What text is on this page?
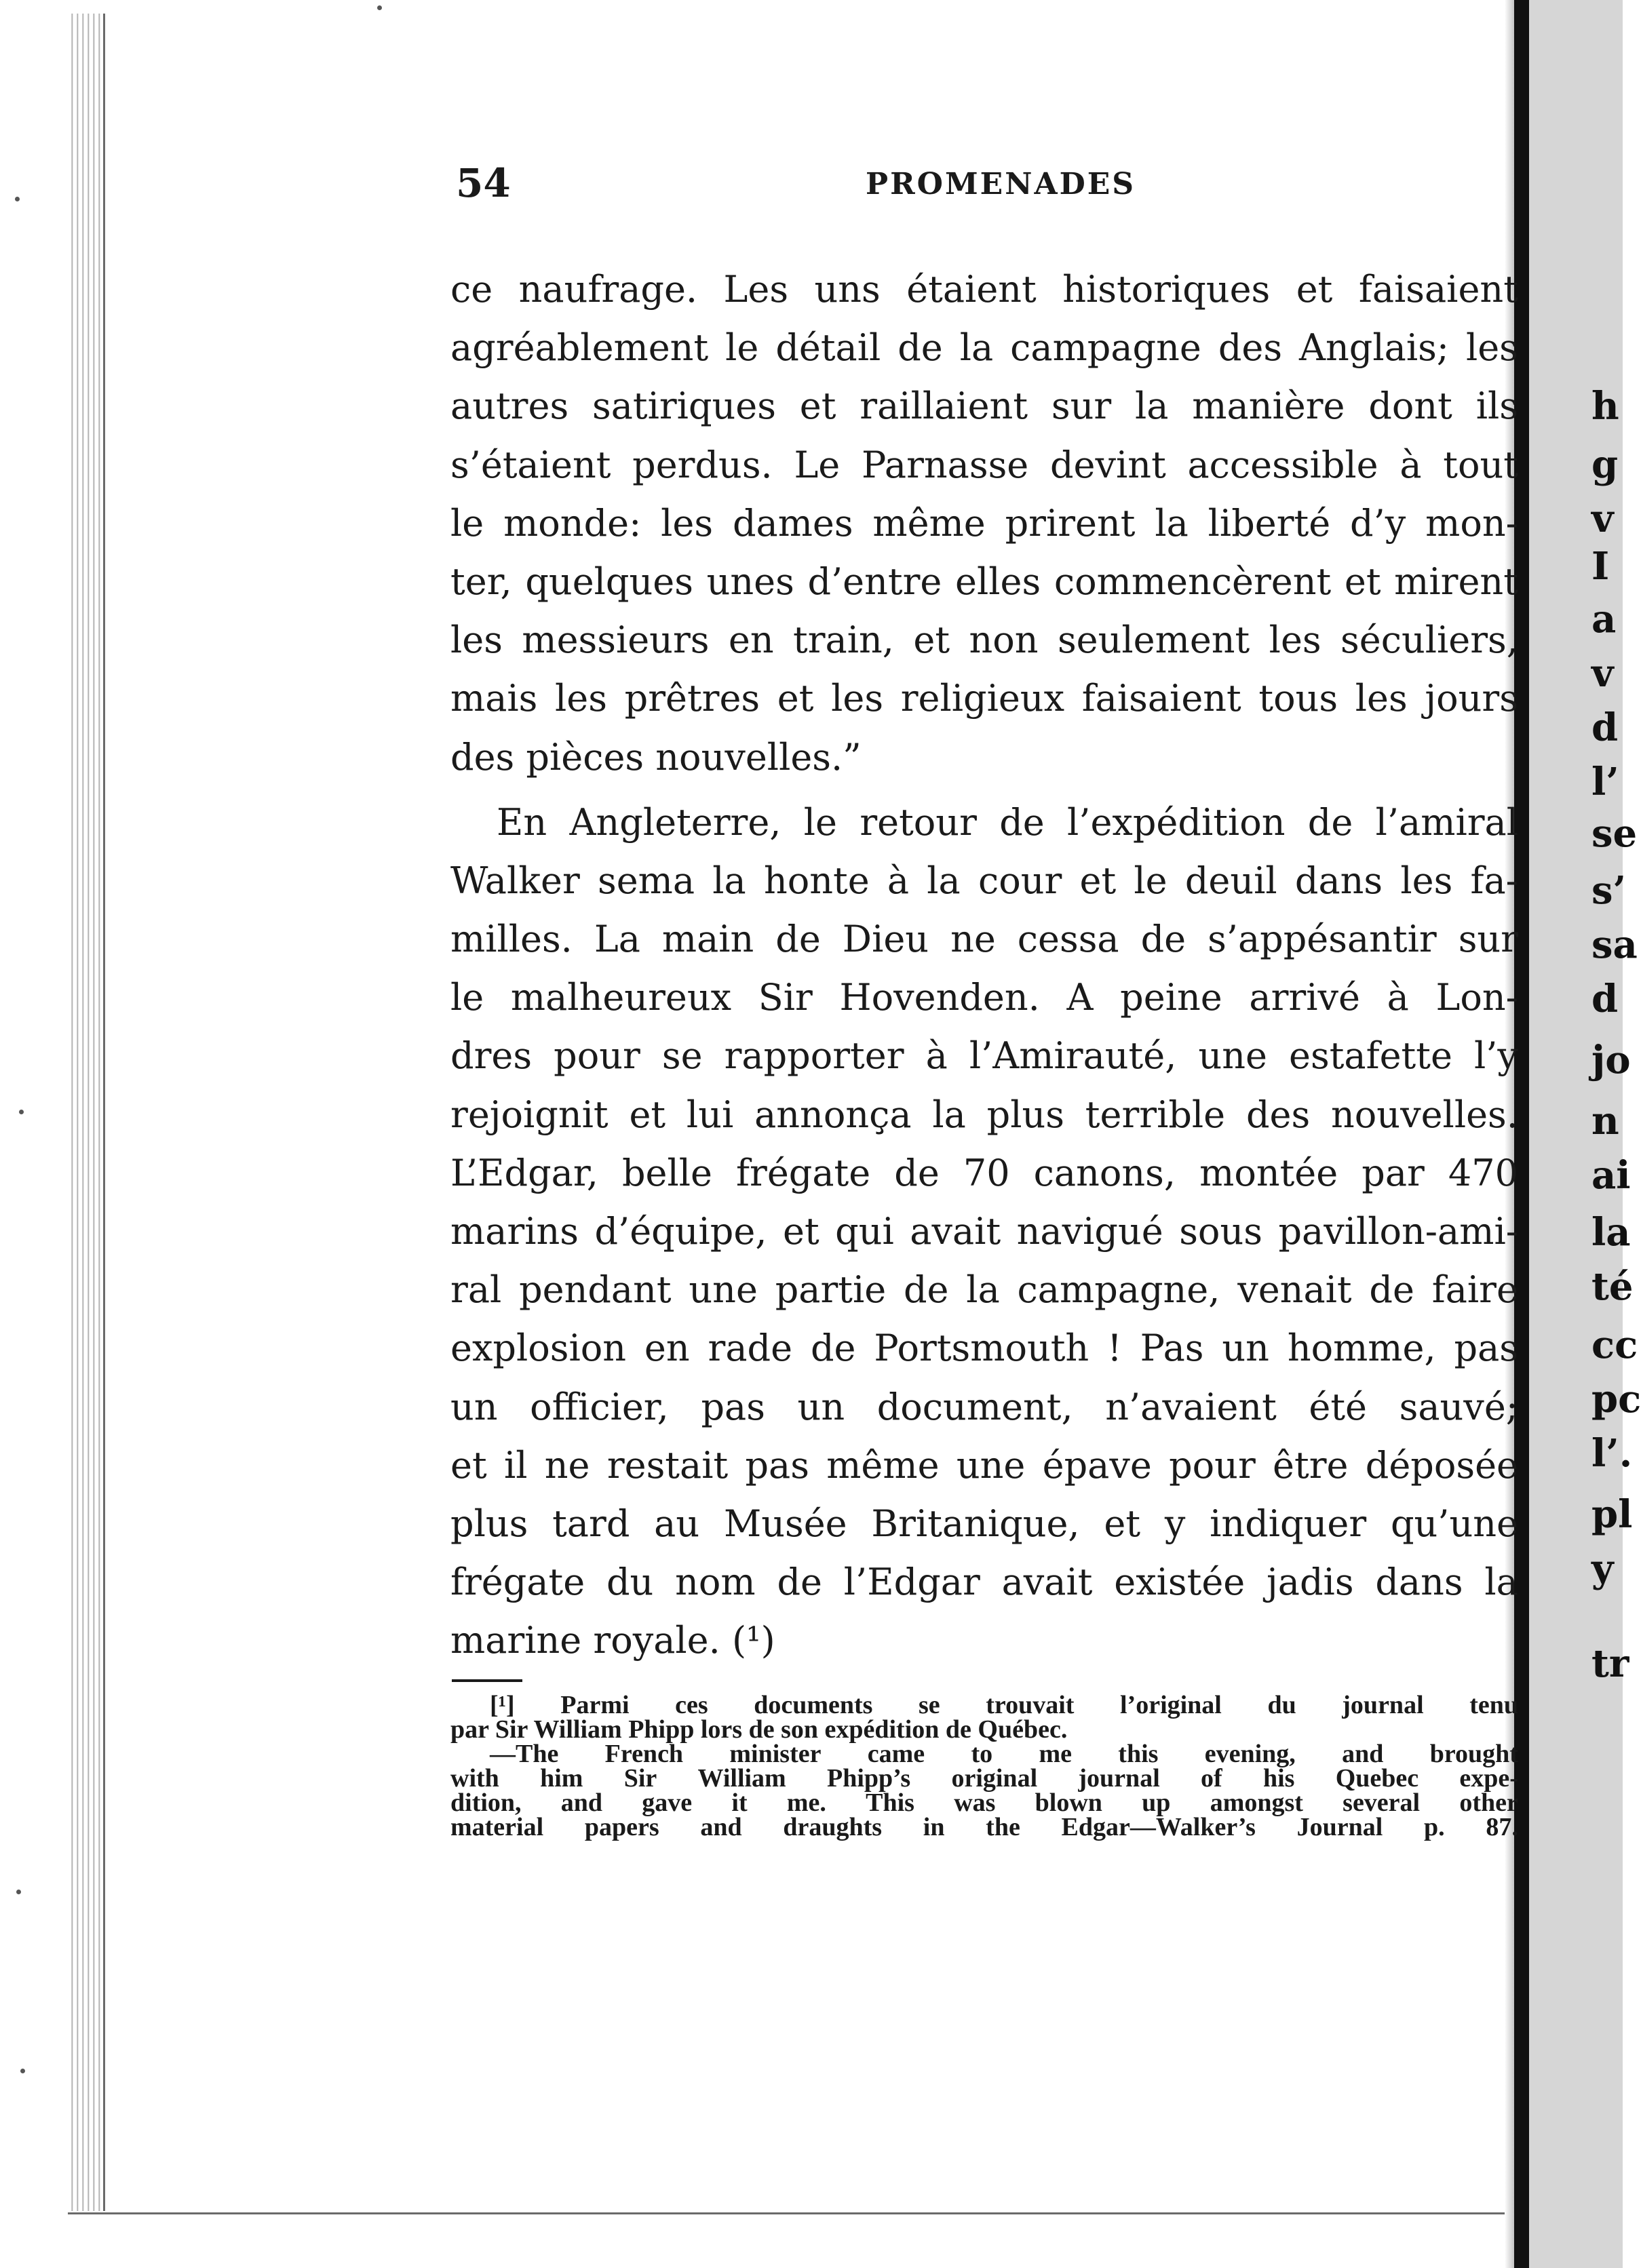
h
g
v
I
a
v
d
l’
se
s’
sa
d
jo
n
ai
la
té
cc
pc
l’.
pl
y
tr
54	PROMENADES
ce naufrage. Les uns étaient historiques et faisaient
agréablement le détail de la campagne des Anglais; les
autres satiriques et raillaient sur la manière dont ils
s’étaient perdus. Le Parnasse devint accessible à tout
le monde: les dames même prirent la liberté d’y mon-
ter, quelques unes d’entre elles commencèrent et mirent
les messieurs en train, et non seulement les séculiers,
mais les prêtres et les religieux faisaient tous les jours
des pièces nouvelles.”
En Angleterre, le retour de l’expédition de l’amiral
Walker sema la honte à la cour et le deuil dans les fa-
milles. La main de Dieu ne cessa de s’appésantir sur
le malheureux Sir Hovenden. A peine arrivé à Lon-
dres pour se rapporter à l’Amirauté, une estafette l’y
rejoignit et lui annonça la plus terrible des nouvelles.
L’Edgar, belle frégate de 70 canons, montée par 470
marins d’équipe, et qui avait navigué sous pavillon-ami-
ral pendant une partie de la campagne, venait de faire
explosion en rade de Portsmouth ! Pas un homme, pas
un officier, pas un document, n’avaient été sauvé;
et il ne restait pas même une épave pour être déposée
plus tard au Musée Britanique, et y indiquer qu’une
frégate du nom de l’Edgar avait existée jadis dans la
marine royale. (¹)
[¹] Parmi ces documents se trouvait l’original du journal tenu
par Sir William Phipp lors de son expédition de Québec.
—The French minister came to me this evening, and brought
with him Sir William Phipp’s original journal of his Quebec expe-
dition, and gave it me. This was blown up amongst several other
material papers and draughts in the Edgar—Walker’s Journal p. 87.
